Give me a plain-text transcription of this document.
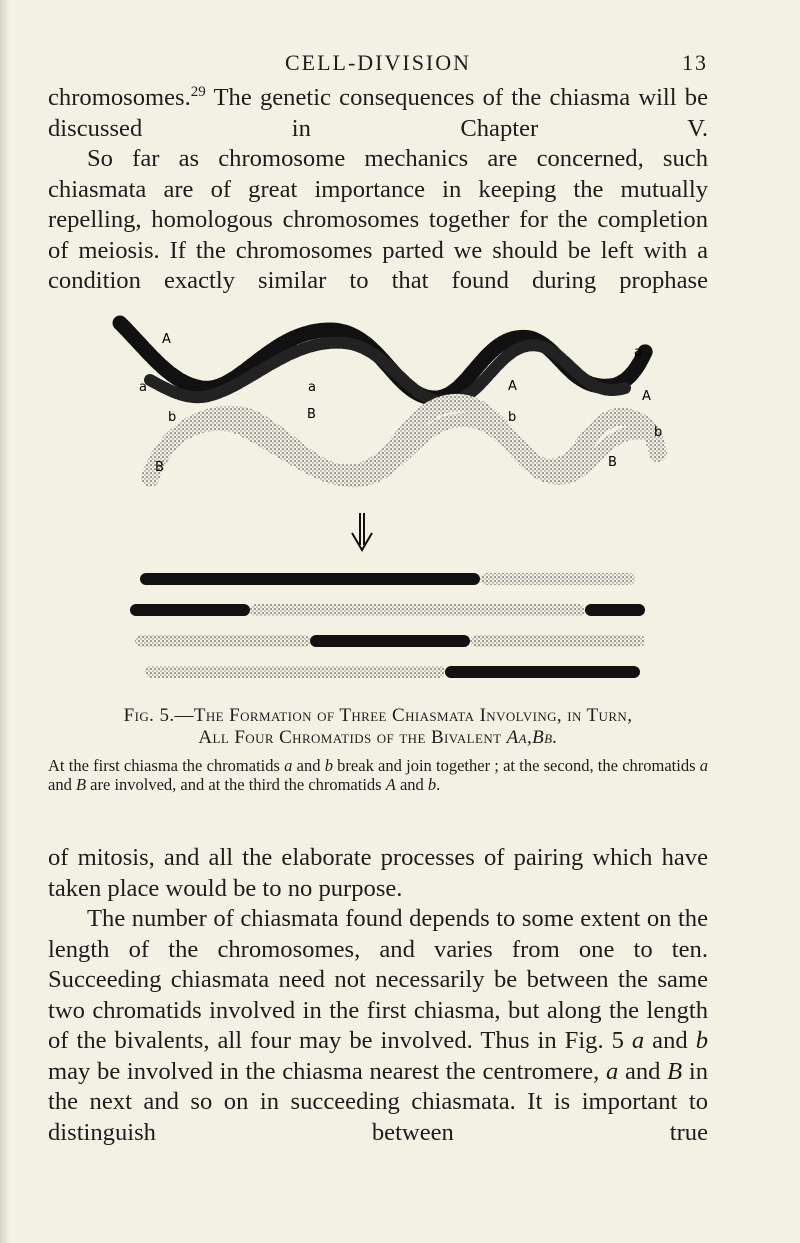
CELL-DIVISION	13

chromosomes.$^{29}$ The genetic consequences of the chiasma will be discussed in Chapter V.

So far as chromosome mechanics are concerned, such chiasmata are of great importance in keeping the mutually repelling, homologous chromosomes together for the completion of meiosis. If the chromosomes parted we should be left with a condition exactly similar to that found during prophase

A
a
b
B
a
B
A
b
a
A
b
B
Fig. 5.—The Formation of Three Chiasmata Involving, in Turn,
All Four Chromatids of the Bivalent Aa,Bb.
At the first chiasma the chromatids a and b break and join together ; at the second, the chromatids a and B are involved, and at the third the chromatids A and b.

of mitosis, and all the elaborate processes of pairing which have taken place would be to no purpose.

The number of chiasmata found depends to some extent on the length of the chromosomes, and varies from one to ten. Succeeding chiasmata need not necessarily be between the same two chromatids involved in the first chiasma, but along the length of the bivalents, all four may be involved. Thus in Fig. 5 a and b may be involved in the chiasma nearest the centromere, a and B in the next and so on in succeeding chiasmata. It is important to distinguish between true
